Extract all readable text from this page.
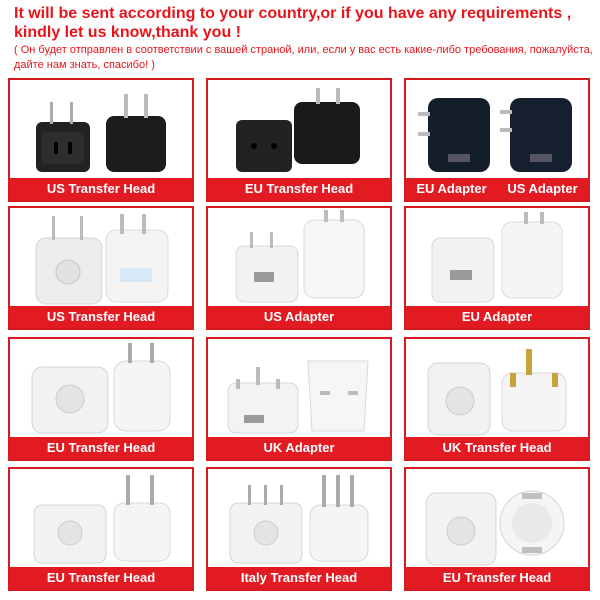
It will be sent according to your country,or if you have any requirements , kindly let us know,thank you !
( Он будет отправлен в соответствии с вашей страной, или, если у вас есть какие-либо требования, пожалуйста, дайте нам знать, спасибо! )
US Transfer Head	EU Transfer Head	EU Adapter	US Adapter
US Transfer Head	US Adapter	EU Adapter
EU Transfer Head	UK Adapter	UK Transfer Head
EU Transfer Head	Italy Transfer Head	EU Transfer Head
